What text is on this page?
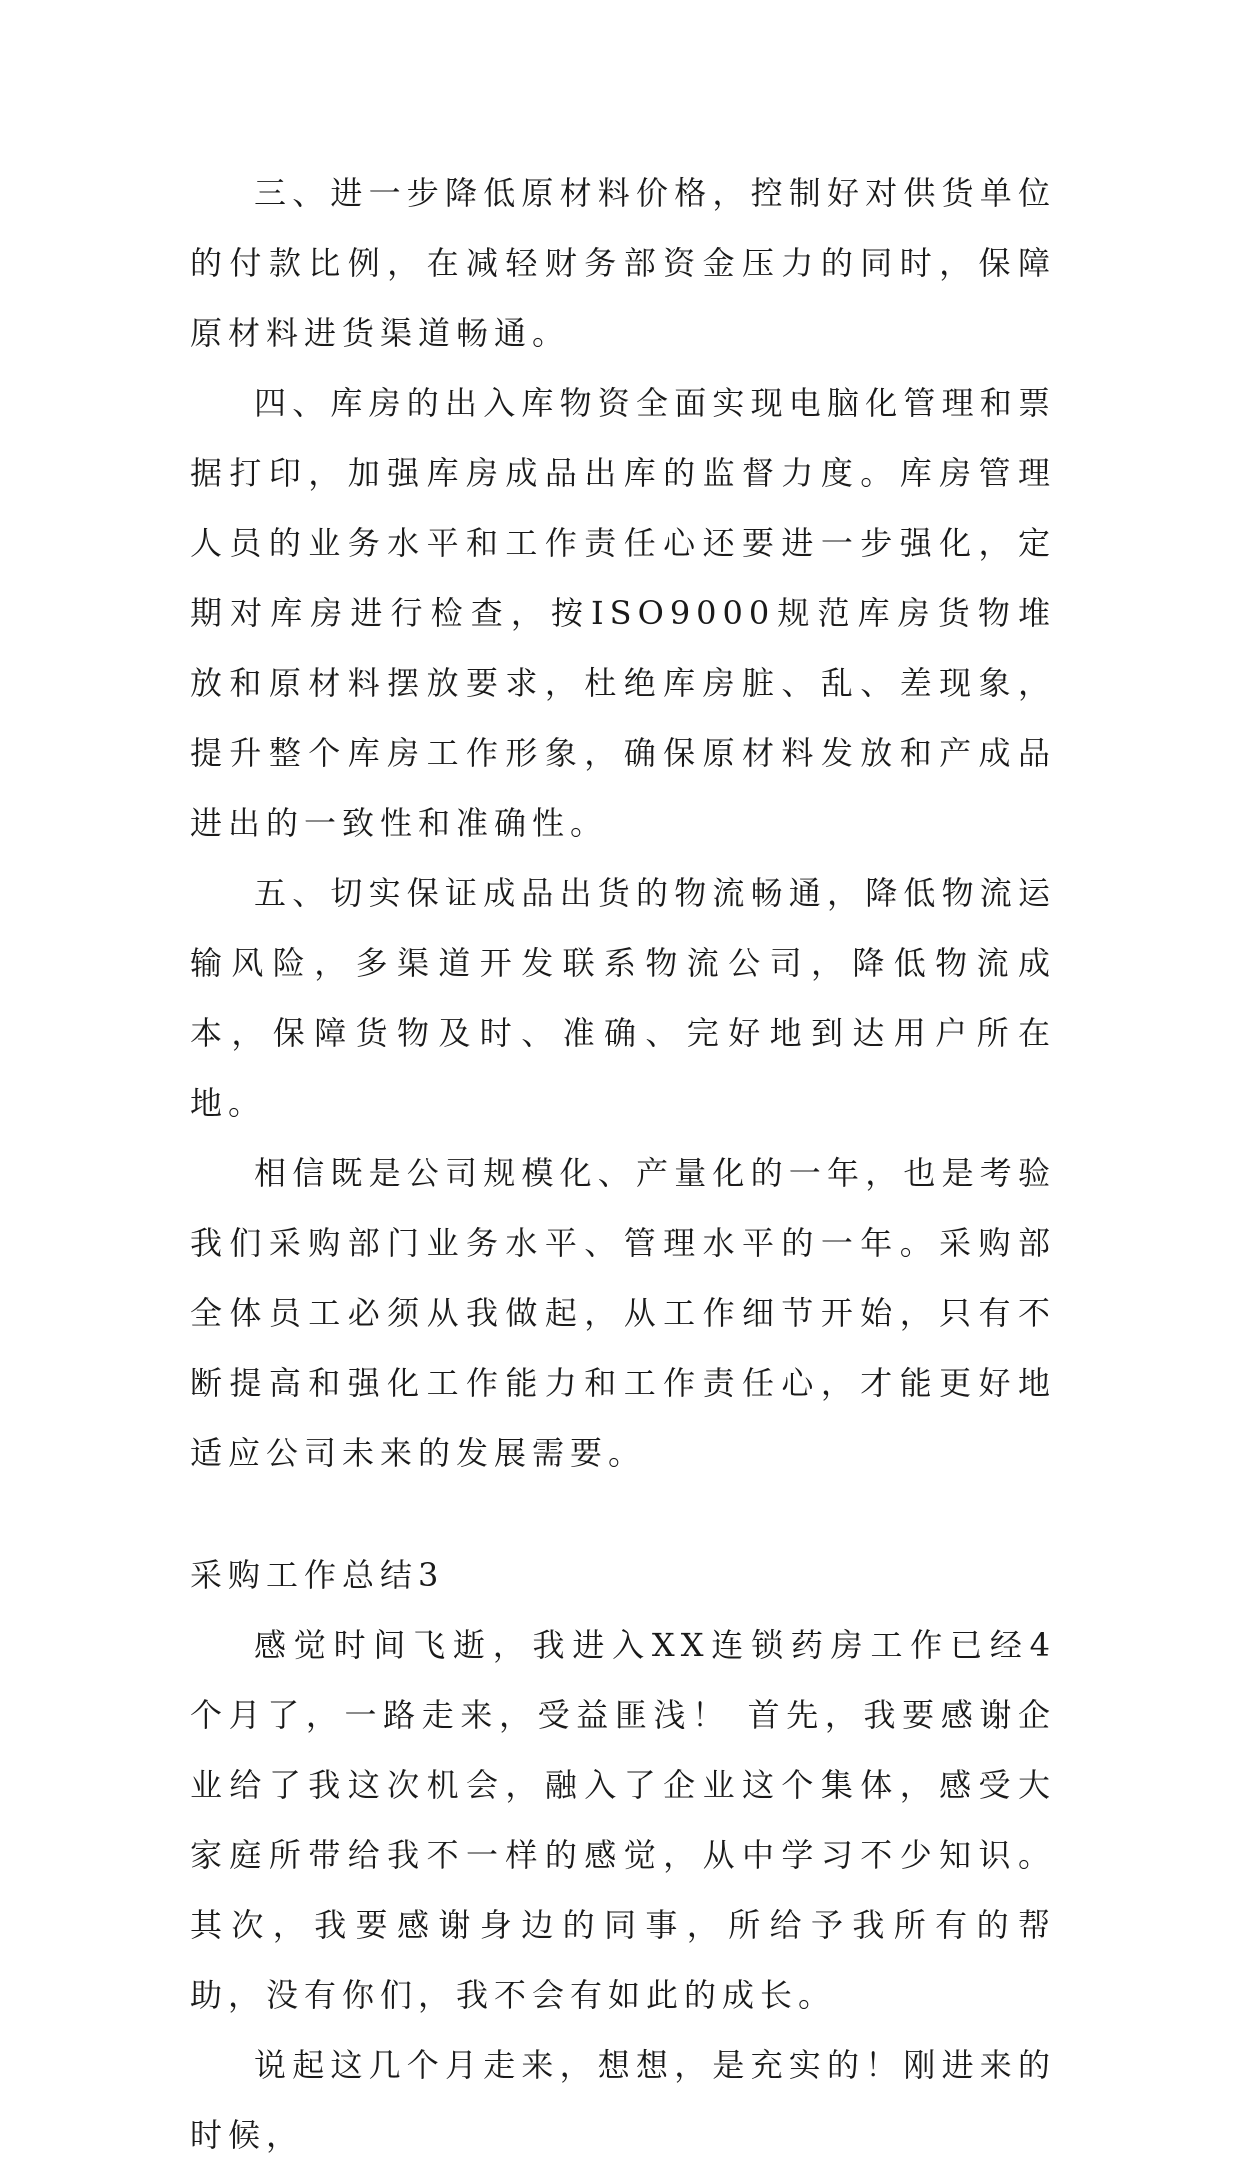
三、进一步降低原材料价格，控制好对供货单位的付款比例，在减轻财务部资金压力的同时，保障原材料进货渠道畅通。

四、库房的出入库物资全面实现电脑化管理和票据打印，加强库房成品出库的监督力度。库房管理人员的业务水平和工作责任心还要进一步强化，定期对库房进行检查，按ISO9000规范库房货物堆放和原材料摆放要求，杜绝库房脏、乱、差现象，提升整个库房工作形象，确保原材料发放和产成品进出的一致性和准确性。

五、切实保证成品出货的物流畅通，降低物流运输风险，多渠道开发联系物流公司，降低物流成本，保障货物及时、准确、完好地到达用户所在地。

相信既是公司规模化、产量化的一年，也是考验我们采购部门业务水平、管理水平的一年。采购部全体员工必须从我做起，从工作细节开始，只有不断提高和强化工作能力和工作责任心，才能更好地适应公司未来的发展需要。

采购工作总结3

感觉时间飞逝，我进入XX连锁药房工作已经4个月了，一路走来，受益匪浅！ 首先，我要感谢企业给了我这次机会，融入了企业这个集体，感受大家庭所带给我不一样的感觉，从中学习不少知识。其次，我要感谢身边的同事，所给予我所有的帮助，没有你们，我不会有如此的成长。

说起这几个月走来，想想，是充实的！刚进来的时候，
